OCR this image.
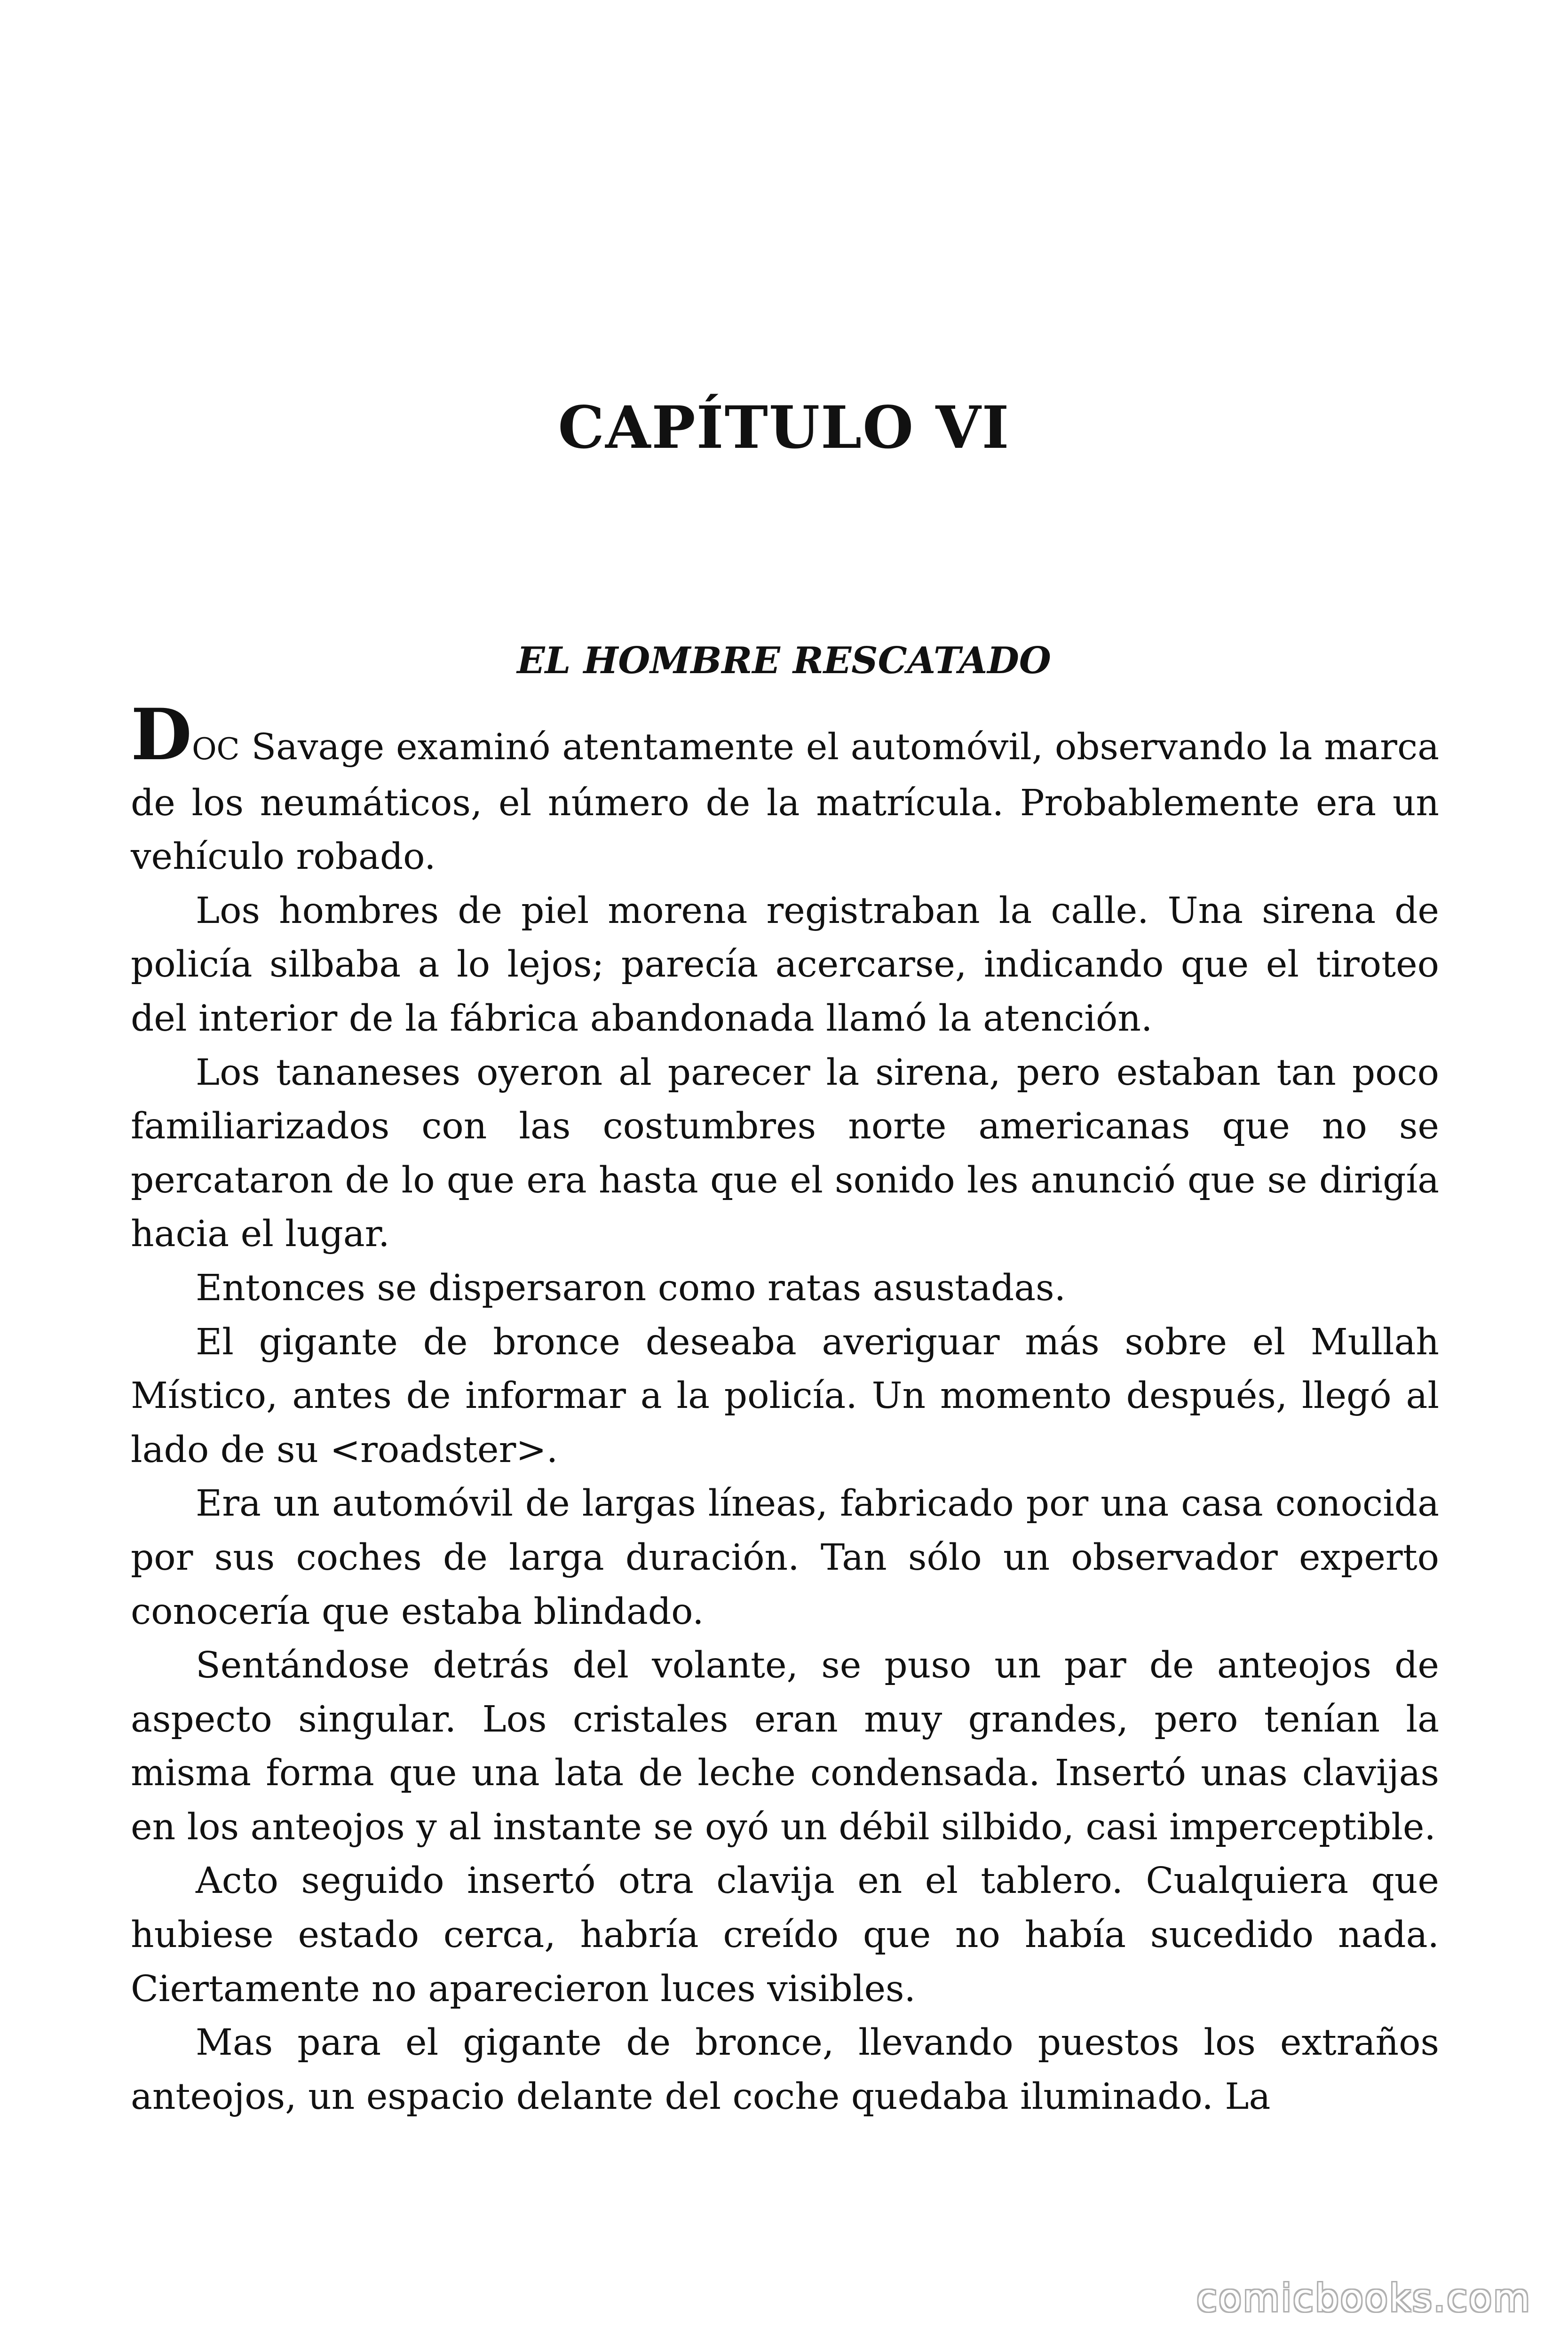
CAPÍTULO VI
EL HOMBRE RESCATADO

DOC Savage examinó atentamente el automóvil, observando la marca de los neumáticos, el número de la matrícula. Probablemente era un vehículo robado.

Los hombres de piel morena registraban la calle. Una sirena de policía silbaba a lo lejos; parecía acercarse, indicando que el tiroteo del interior de la fábrica abandonada llamó la atención.

Los tananeses oyeron al parecer la sirena, pero estaban tan poco familiarizados con las costumbres norte americanas que no se percataron de lo que era hasta que el sonido les anunció que se dirigía hacia el lugar.

Entonces se dispersaron como ratas asustadas.

El gigante de bronce deseaba averiguar más sobre el Mullah Místico, antes de informar a la policía. Un momento después, llegó al lado de su <roadster>.

Era un automóvil de largas líneas, fabricado por una casa conocida por sus coches de larga duración. Tan sólo un observador experto conocería que estaba blindado.

Sentándose detrás del volante, se puso un par de anteojos de aspecto singular. Los cristales eran muy grandes, pero tenían la misma forma que una lata de leche condensada. Insertó unas clavijas en los anteojos y al instante se oyó un débil silbido, casi imperceptible.

Acto seguido insertó otra clavija en el tablero. Cualquiera que hubiese estado cerca, habría creído que no había sucedido nada. Ciertamente no aparecieron luces visibles.

Mas para el gigante de bronce, llevando puestos los extraños anteojos, un espacio delante del coche quedaba iluminado. La

comicbooks.com
